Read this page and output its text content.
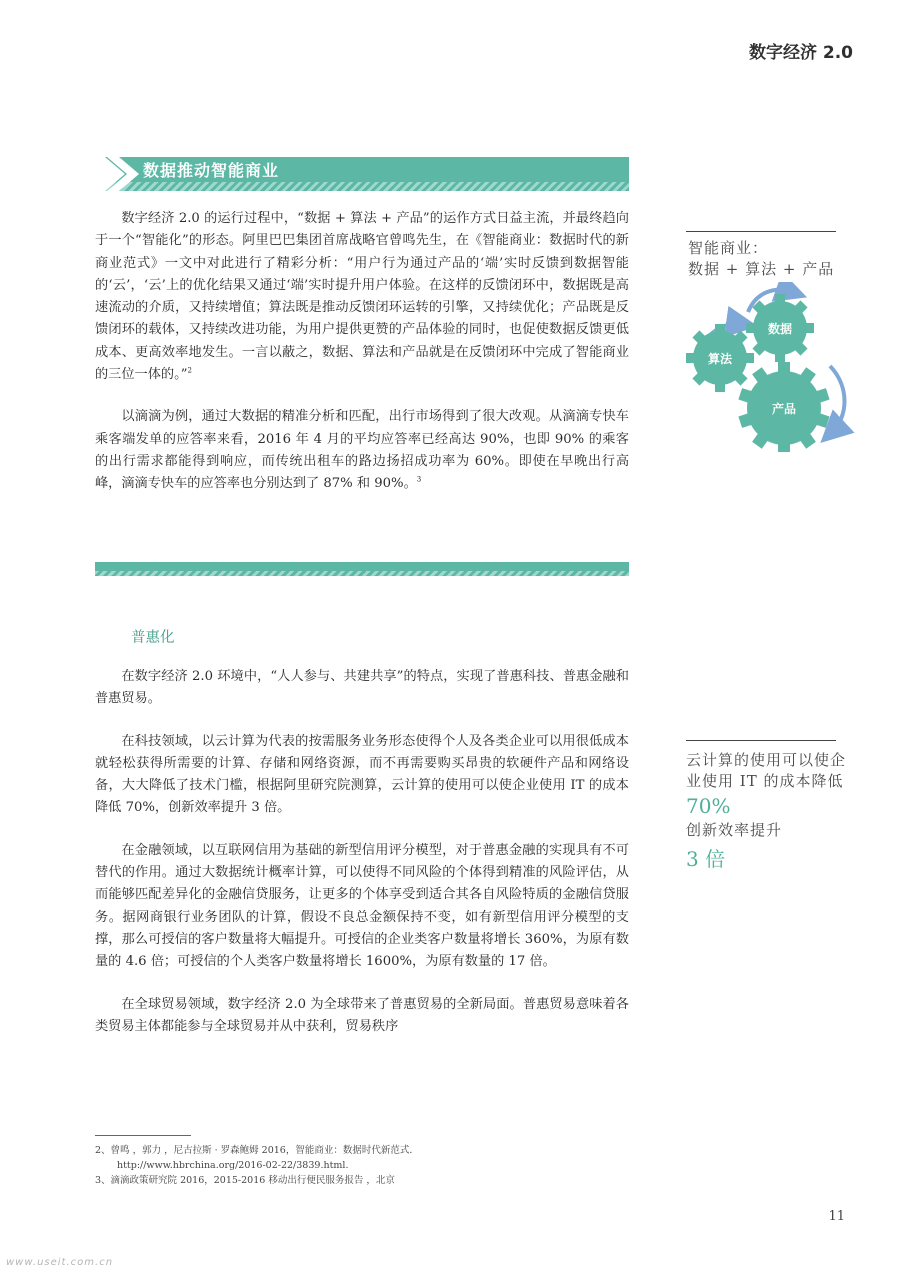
数字经济 2.0
数据推动智能商业

数字经济 2.0 的运行过程中，“数据 + 算法 + 产品”的运作方式日益主流，并最终趋向于一个“智能化”的形态。阿里巴巴集团首席战略官曾鸣先生，在《智能商业：数据时代的新商业范式》一文中对此进行了精彩分析：“用户行为通过产品的‘端’实时反馈到数据智能的‘云’，‘云’上的优化结果又通过‘端’实时提升用户体验。在这样的反馈闭环中，数据既是高速流动的介质，又持续增值；算法既是推动反馈闭环运转的引擎，又持续优化；产品既是反馈闭环的载体，又持续改进功能，为用户提供更赞的产品体验的同时，也促使数据反馈更低成本、更高效率地发生。一言以蔽之，数据、算法和产品就是在反馈闭环中完成了智能商业的三位一体的。”$^2$

以滴滴为例，通过大数据的精准分析和匹配，出行市场得到了很大改观。从滴滴专快车乘客端发单的应答率来看，2016 年 4 月的平均应答率已经高达 90%，也即 90% 的乘客的出行需求都能得到响应，而传统出租车的路边扬招成功率为 60%。即使在早晚出行高峰，滴滴专快车的应答率也分别达到了 87% 和 90%。$^3$

智能商业：
数据 + 算法 + 产品
算法
数据
产品
普惠化

在数字经济 2.0 环境中，“人人参与、共建共享”的特点，实现了普惠科技、普惠金融和普惠贸易。

在科技领域，以云计算为代表的按需服务业务形态使得个人及各类企业可以用很低成本就轻松获得所需要的计算、存储和网络资源，而不再需要购买昂贵的软硬件产品和网络设备，大大降低了技术门槛，根据阿里研究院测算，云计算的使用可以使企业使用 IT 的成本降低 70%，创新效率提升 3 倍。

在金融领域，以互联网信用为基础的新型信用评分模型，对于普惠金融的实现具有不可替代的作用。通过大数据统计概率计算，可以使得不同风险的个体得到精准的风险评估，从而能够匹配差异化的金融信贷服务，让更多的个体享受到适合其各自风险特质的金融信贷服务。据网商银行业务团队的计算，假设不良总金额保持不变，如有新型信用评分模型的支撑，那么可授信的客户数量将大幅提升。可授信的企业类客户数量将增长 360%，为原有数量的 4.6 倍；可授信的个人类客户数量将增长 1600%，为原有数量的 17 倍。

在全球贸易领域，数字经济 2.0 为全球带来了普惠贸易的全新局面。普惠贸易意味着各类贸易主体都能参与全球贸易并从中获利，贸易秩序

云计算的使用可以使企业使用 IT 的成本降低
70%
创新效率提升
3 倍
2、曾鸣 ，郭力 ，尼古拉斯 · 罗森鲍姆 2016，智能商业：数据时代新范式．
http://www.hbrchina.org/2016-02-22/3839.html.
3、滴滴政策研究院 2016，2015-2016 移动出行便民服务报告 ，北京
11
www.useit.com.cn
